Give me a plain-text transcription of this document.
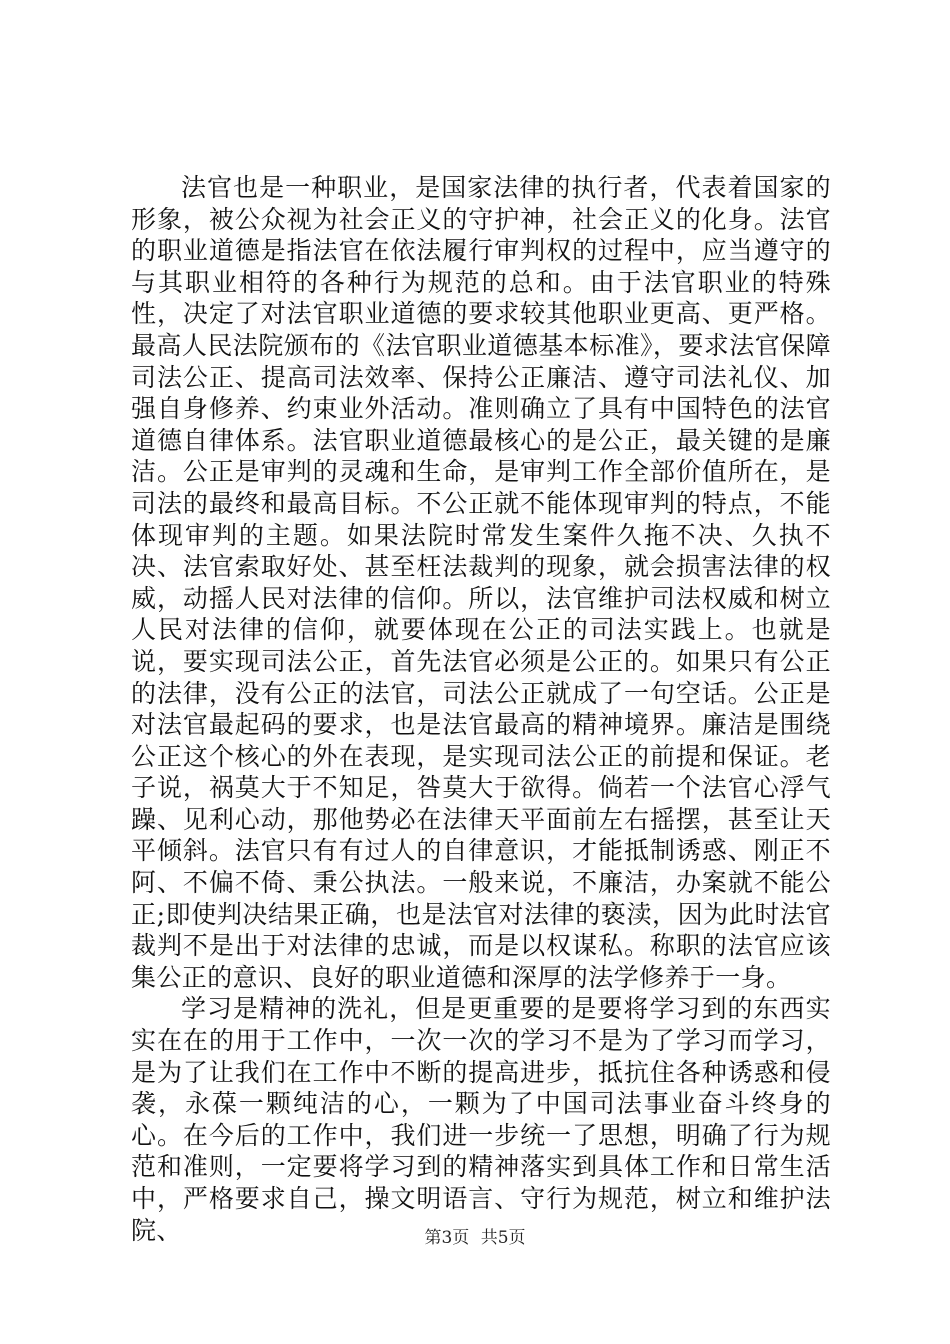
法官也是一种职业，是国家法律的执行者，代表着国家的形象，被公众视为社会正义的守护神，社会正义的化身。法官的职业道德是指法官在依法履行审判权的过程中，应当遵守的与其职业相符的各种行为规范的总和。由于法官职业的特殊性，决定了对法官职业道德的要求较其他职业更高、更严格。最高人民法院颁布的《法官职业道德基本标准》，要求法官保障司法公正、提高司法效率、保持公正廉洁、遵守司法礼仪、加强自身修养、约束业外活动。准则确立了具有中国特色的法官道德自律体系。法官职业道德最核心的是公正，最关键的是廉洁。公正是审判的灵魂和生命，是审判工作全部价值所在，是司法的最终和最高目标。不公正就不能体现审判的特点，不能体现审判的主题。如果法院时常发生案件久拖不决、久执不决、法官索取好处、甚至枉法裁判的现象，就会损害法律的权威，动摇人民对法律的信仰。所以，法官维护司法权威和树立人民对法律的信仰，就要体现在公正的司法实践上。也就是说，要实现司法公正，首先法官必须是公正的。如果只有公正的法律，没有公正的法官，司法公正就成了一句空话。公正是对法官最起码的要求，也是法官最高的精神境界。廉洁是围绕公正这个核心的外在表现，是实现司法公正的前提和保证。老子说，祸莫大于不知足，咎莫大于欲得。倘若一个法官心浮气躁、见利心动，那他势必在法律天平面前左右摇摆，甚至让天平倾斜。法官只有有过人的自律意识，才能抵制诱惑、刚正不阿、不偏不倚、秉公执法。一般来说，不廉洁，办案就不能公正;即使判决结果正确，也是法官对法律的亵渎，因为此时法官裁判不是出于对法律的忠诚，而是以权谋私。称职的法官应该集公正的意识、良好的职业道德和深厚的法学修养于一身。

学习是精神的洗礼，但是更重要的是要将学习到的东西实实在在的用于工作中，一次一次的学习不是为了学习而学习，是为了让我们在工作中不断的提高进步，抵抗住各种诱惑和侵袭，永葆一颗纯洁的心，一颗为了中国司法事业奋斗终身的心。在今后的工作中，我们进一步统一了思想，明确了行为规范和准则，一定要将学习到的精神落实到具体工作和日常生活中，严格要求自己，操文明语言、守行为规范，树立和维护法院、	第3页 共5页
